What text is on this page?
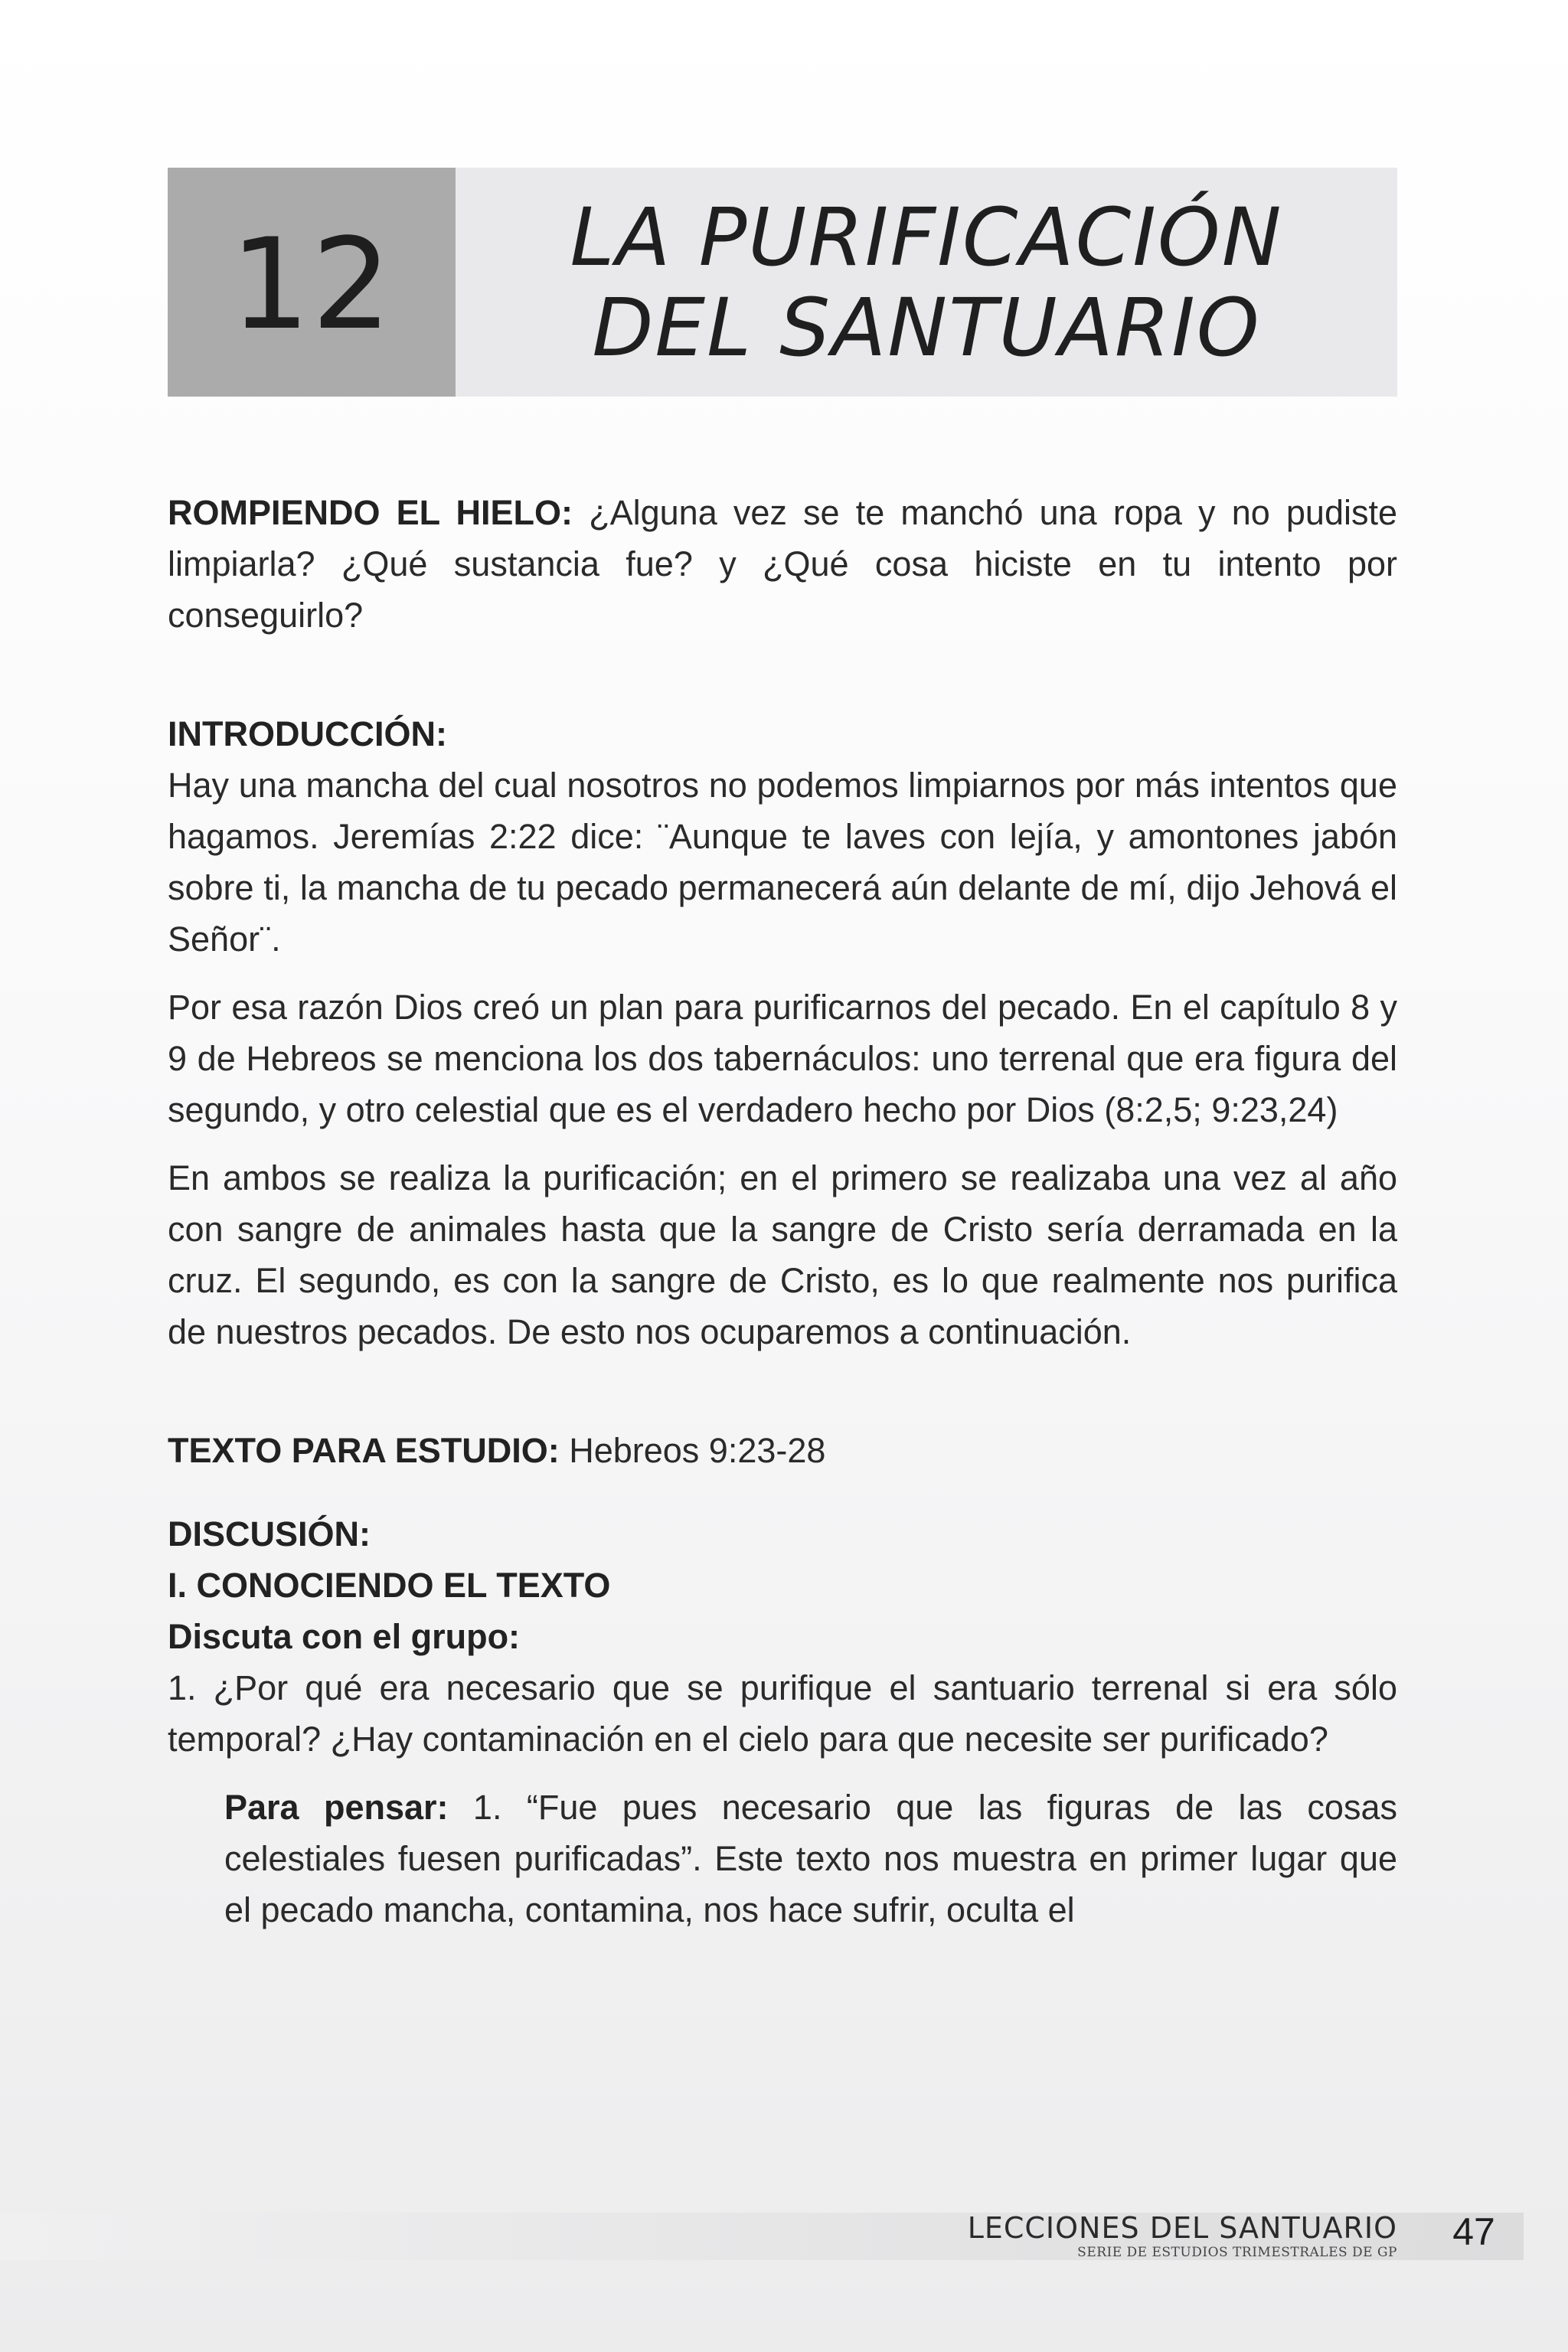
12 LA PURIFICACIÓN
DEL SANTUARIO

ROMPIENDO EL HIELO: ¿Alguna vez se te manchó una ropa y no pudiste limpiarla? ¿Qué sustancia fue? y ¿Qué cosa hiciste en tu intento por conseguirlo?

INTRODUCCIÓN:

Hay una mancha del cual nosotros no podemos limpiarnos por más intentos que hagamos. Jeremías 2:22 dice: ¨Aunque te laves con lejía, y amontones jabón sobre ti, la mancha de tu pecado permanecerá aún delante de mí, dijo Jehová el Señor¨.

Por esa razón Dios creó un plan para purificarnos del pecado. En el capítulo 8 y 9 de Hebreos se menciona los dos tabernáculos: uno terrenal que era figura del segundo, y otro celestial que es el verdadero hecho por Dios (8:2,5; 9:23,24)

En ambos se realiza la purificación; en el primero se realizaba una vez al año con sangre de animales hasta que la sangre de Cristo sería derramada en la cruz. El segundo, es con la sangre de Cristo, es lo que realmente nos purifica de nuestros pecados. De esto nos ocuparemos a continuación.

TEXTO PARA ESTUDIO: Hebreos 9:23-28

DISCUSIÓN:

I. CONOCIENDO EL TEXTO

Discuta con el grupo:

1. ¿Por qué era necesario que se purifique el santuario terrenal si era sólo temporal? ¿Hay contaminación en el cielo para que necesite ser purificado?

Para pensar: 1. “Fue pues necesario que las figuras de las cosas celestiales fuesen purificadas”. Este texto nos muestra en primer lugar que el pecado mancha, contamina, nos hace sufrir, oculta el

LECCIONES DEL SANTUARIO
SERIE DE ESTUDIOS TRIMESTRALES DE GP	47
